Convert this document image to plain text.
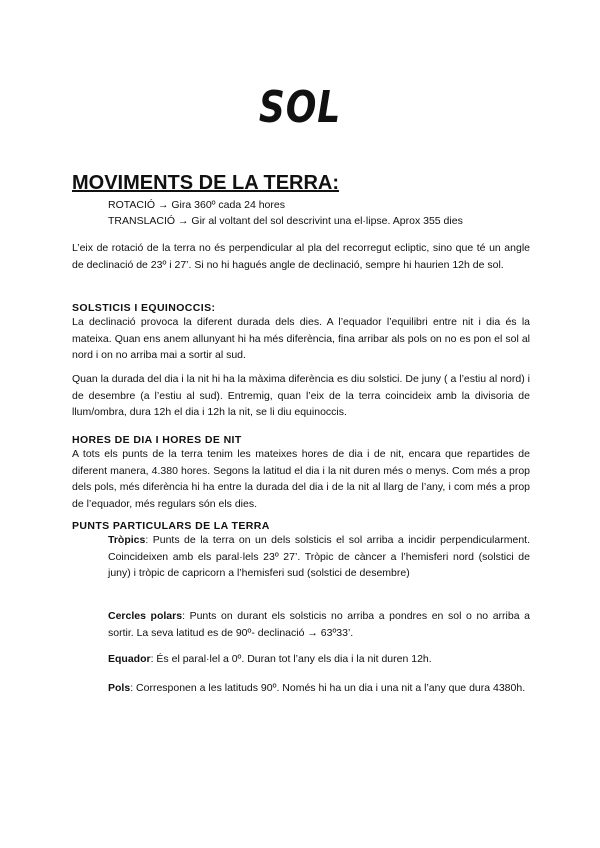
SOL
MOVIMENTS DE LA TERRA:
ROTACIÓ → Gira 360º cada 24 hores
TRANSLACIÓ → Gir al voltant del sol descrivint una el·lipse. Aprox 355 dies
L’eix de rotació de la terra no és perpendicular al pla del recorregut ecliptic, sino que té un angle de declinació de 23º i 27’. Si no hi hagués angle de declinació, sempre hi haurien 12h de sol.
SOLSTICIS I EQUINOCCIS:
La declinació provoca la diferent durada dels dies. A l’equador l’equilibri entre nit i dia és la mateixa. Quan ens anem allunyant hi ha més diferència, fina arribar als pols on no es pon el sol al nord i on no arriba mai a sortir al sud.
Quan la durada del dia i la nit hi ha la màxima diferència es diu solstici. De juny ( a l’estiu al nord) i de desembre (a l’estiu al sud). Entremig, quan l’eix de la terra coincideix amb la divisoria de llum/ombra, dura 12h el dia i 12h la nit, se li diu equinoccis.
HORES DE DIA I HORES DE NIT
A tots els punts de la terra tenim les mateixes hores de dia i de nit, encara que repartides de diferent manera, 4.380 hores. Segons la latitud el dia i la nit duren més o menys. Com més a prop dels pols, més diferència hi ha entre la durada del dia i de la nit al llarg de l’any, i com més a prop de l’equador, més regulars són els dies.
PUNTS PARTICULARS DE LA TERRA
Tròpics: Punts de la terra on un dels solsticis el sol arriba a incidir perpendicularment. Coincideixen amb els paral·lels 23º 27’. Tròpic de càncer a l’hemisferi nord (solstici de juny) i tròpic de capricorn a l’hemisferi sud (solstici de desembre)
Cercles polars: Punts on durant els solsticis no arriba a pondres en sol o no arriba a sortir. La seva latitud es de 90º- declinació → 63º33’.
Equador: És el paral·lel a 0º. Duran tot l’any els dia i la nit duren 12h.
Pols: Corresponen a les latituds 90º. Només hi ha un dia i una nit a l’any que dura 4380h.
